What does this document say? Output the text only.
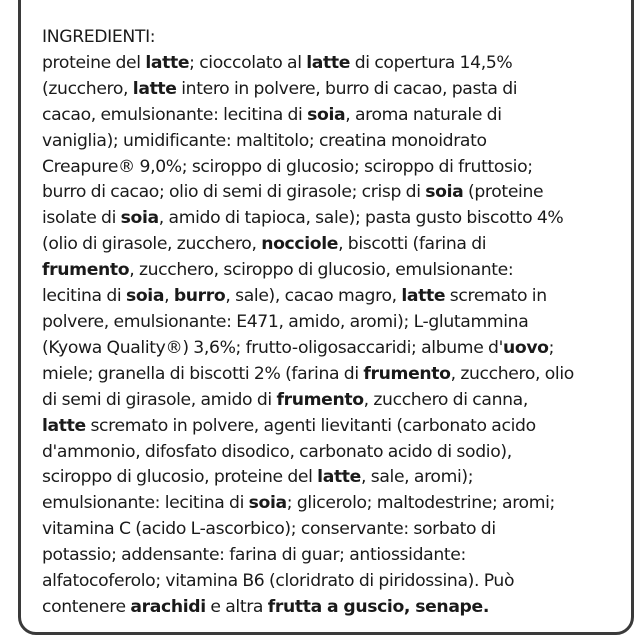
INGREDIENTI:
proteine del latte; cioccolato al latte di copertura 14,5%
(zucchero, latte intero in polvere, burro di cacao, pasta di
cacao, emulsionante: lecitina di soia, aroma naturale di
vaniglia); umidificante: maltitolo; creatina monoidrato
Creapure® 9,0%; sciroppo di glucosio; sciroppo di fruttosio;
burro di cacao; olio di semi di girasole; crisp di soia (proteine
isolate di soia, amido di tapioca, sale); pasta gusto biscotto 4%
(olio di girasole, zucchero, nocciole, biscotti (farina di
frumento, zucchero, sciroppo di glucosio, emulsionante:
lecitina di soia, burro, sale), cacao magro, latte scremato in
polvere, emulsionante: E471, amido, aromi); L-glutammina
(Kyowa Quality®) 3,6%; frutto-oligosaccaridi; albume d'uovo;
miele; granella di biscotti 2% (farina di frumento, zucchero, olio
di semi di girasole, amido di frumento, zucchero di canna,
latte scremato in polvere, agenti lievitanti (carbonato acido
d'ammonio, difosfato disodico, carbonato acido di sodio),
sciroppo di glucosio, proteine del latte, sale, aromi);
emulsionante: lecitina di soia; glicerolo; maltodestrine; aromi;
vitamina C (acido L-ascorbico); conservante: sorbato di
potassio; addensante: farina di guar; antiossidante:
alfatocoferolo; vitamina B6 (cloridrato di piridossina). Può
contenere arachidi e altra frutta a guscio, senape.
